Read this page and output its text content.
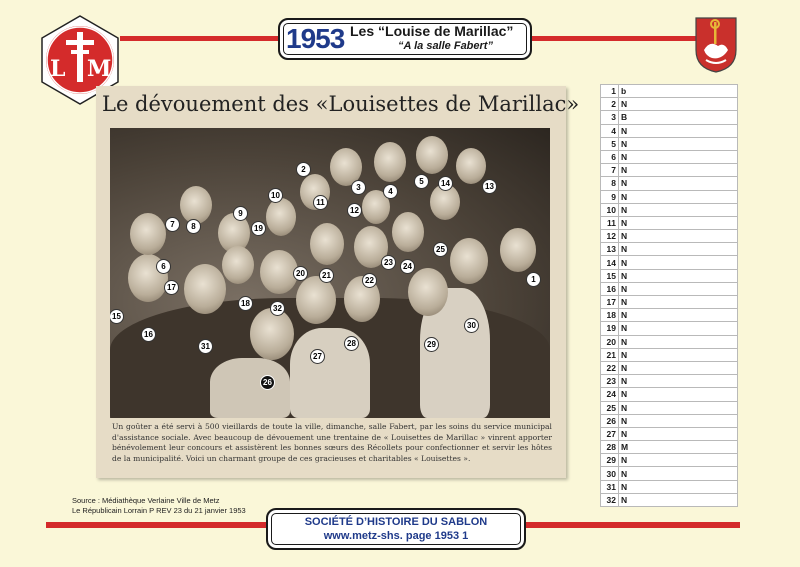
L M
1953 Les “Louise de Marillac”
“A la salle Fabert”
Le dévouement des «Louisettes de Marillac»
1
2
3	4
5
6
7	8
9
10
11
12
13
14
15
16
17
18
19
20	21
22
23	24
25
26
27
28	29
30
31
32
Un goûter a été servi à 500 vieillards de toute la ville, dimanche, salle Fabert, par les soins du service municipal d'assistance sociale. Avec beaucoup de dévouement une trentaine de « Louisettes de Marillac » vinrent apporter bénévolement leur concours et assistèrent les bonnes sœurs des Récollets pour confectionner et servir les hôtes de la municipalité. Voici un charmant groupe de ces gracieuses et charitables « Louisettes ».
Source : Médiathèque Verlaine Ville de Metz
Le Républicain Lorrain P REV 23 du 21 janvier 1953
SOCIÉTÉ D’HISTOIRE DU SABLON
www.metz-shs. page 1953 1
1	b
2	N
3	B
4	N
5	N
6	N
7	N
8	N
9	N
10	N
11	N
12	N
13	N
14	N
15	N
16	N
17	N
18	N
19	N
20	N
21	N
22	N
23	N
24	N
25	N
26	N
27	N
28	M
29	N
30	N
31	N
32	N
